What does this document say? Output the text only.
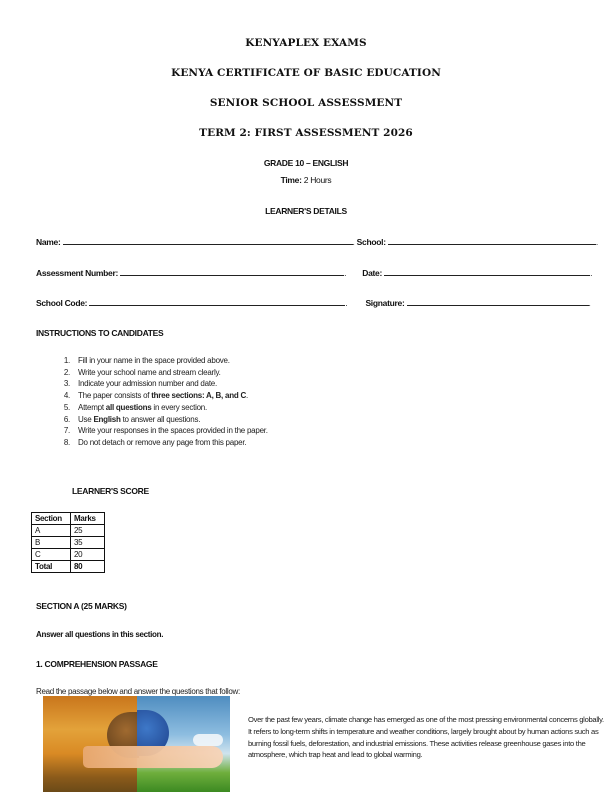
KENYAPLEX EXAMS
KENYA CERTIFICATE OF BASIC EDUCATION
SENIOR SCHOOL ASSESSMENT
TERM 2: FIRST ASSESSMENT 2026
GRADE 10 – ENGLISH
Time: 2 Hours
LEARNER'S DETAILS
Name:	. School:	.
Assessment Number:	. Date:	.
School Code:	. Signature:	.
INSTRUCTIONS TO CANDIDATES
1. Fill in your name in the space provided above.
2. Write your school name and stream clearly.
3. Indicate your admission number and date.
4. The paper consists of three sections: A, B, and C.
5. Attempt all questions in every section.
6. Use English to answer all questions.
7. Write your responses in the spaces provided in the paper.
8. Do not detach or remove any page from this paper.
LEARNER'S SCORE
Section	Marks
A	25
B	35
C	20
Total	80
SECTION A (25 MARKS)
Answer all questions in this section.
1. COMPREHENSION PASSAGE
Read the passage below and answer the questions that follow:
Over the past few years, climate change has emerged as one of the most pressing environmental concerns globally. It refers to long-term shifts in temperature and weather conditions, largely brought about by human actions such as burning fossil fuels, deforestation, and industrial emissions. These activities release greenhouse gases into the atmosphere, which trap heat and lead to global warming.
